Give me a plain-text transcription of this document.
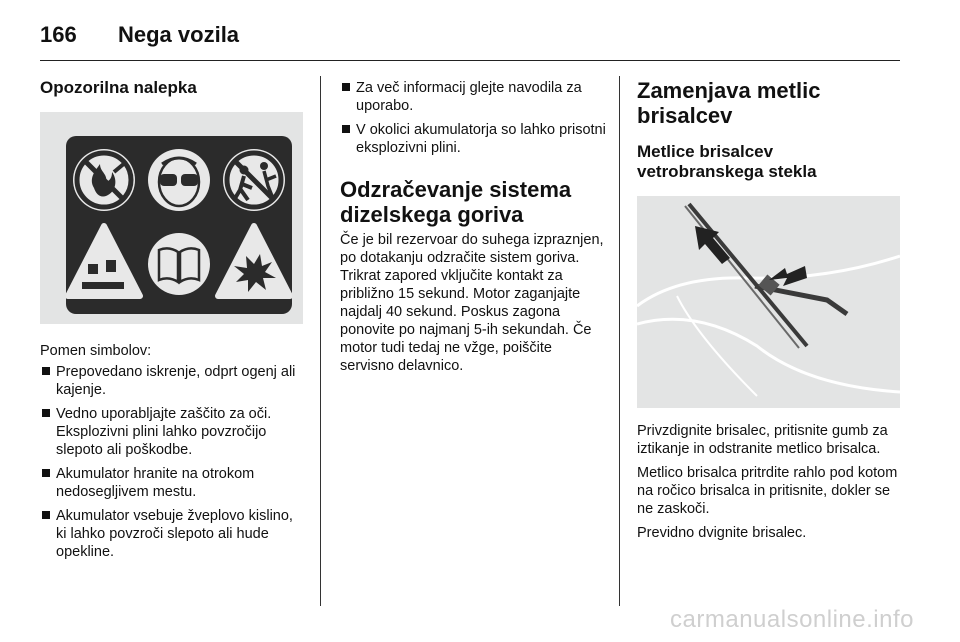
166 Nega vozila
Opozorilna nalepka

Pomen simbolov:

Prepovedano iskrenje, odprt ogenj ali kajenje.
Vedno uporabljajte zaščito za oči. Eksplozivni plini lahko povzročijo slepoto ali poškodbe.
Akumulator hranite na otrokom nedosegljivem mestu.
Akumulator vsebuje žveplovo kislino, ki lahko povzroči slepoto ali hude opekline.
Za več informacij glejte navodila za uporabo.
V okolici akumulatorja so lahko prisotni eksplozivni plini.
Odzračevanje sistema
dizelskega goriva

Če je bil rezervoar do suhega izpraznjen, po dotakanju odzračite sistem goriva. Trikrat zapored vključite kontakt za približno 15 sekund. Motor zaganjajte najdalj 40 sekund. Poskus zagona ponovite po najmanj 5-ih sekundah. Če motor tudi tedaj ne vžge, poiščite servisno delavnico.

Zamenjava metlic
brisalcev
Metlice brisalcev
vetrobranskega stekla

Privzdignite brisalec, pritisnite gumb za iztikanje in odstranite metlico brisalca.

Metlico brisalca pritrdite rahlo pod kotom na ročico brisalca in pritisnite, dokler se ne zaskoči.

Previdno dvignite brisalec.

carmanualsonline.info
